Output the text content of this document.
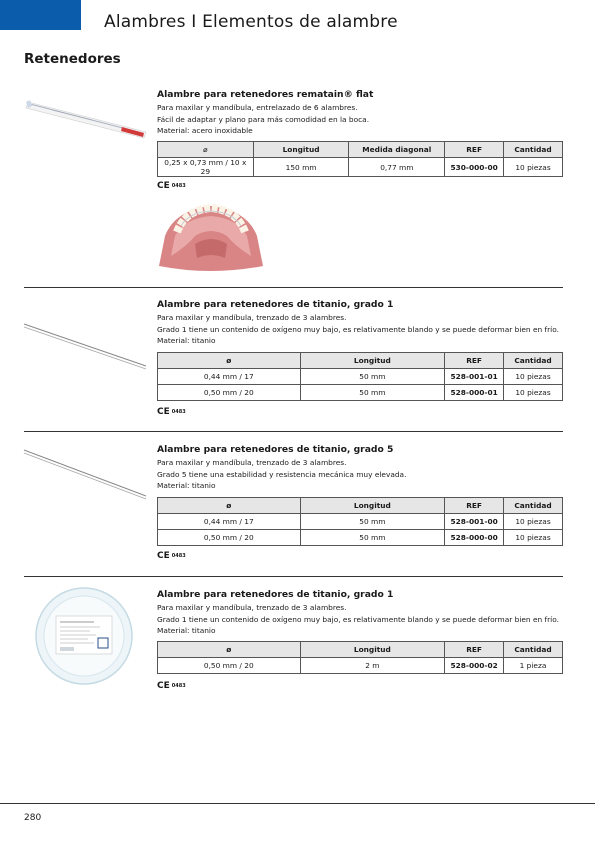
Alambres I Elementos de alambre
Retenedores
Alambre para retenedores rematain® flat
Para maxilar y mandíbula, entrelazado de 6 alambres.
Fácil de adaptar y plano para más comodidad en la boca.
Material: acero inoxidable
⌀	Longitud	Medida diagonal	REF	Cantidad
0,25 x 0,73 mm / 10 x 29	150 mm	0,77 mm	530-000-00	10 piezas
CE 0483
Alambre para retenedores de titanio, grado 1
Para maxilar y mandíbula, trenzado de 3 alambres.
Grado 1 tiene un contenido de oxígeno muy bajo, es relativamente blando y se puede deformar bien en frío.
Material: titanio
ø	Longitud	REF	Cantidad
0,44 mm / 17	50 mm	528-001-01	10 piezas
0,50 mm / 20	50 mm	528-000-01	10 piezas
CE 0483
Alambre para retenedores de titanio, grado 5
Para maxilar y mandíbula, trenzado de 3 alambres.
Grado 5 tiene una estabilidad y resistencia mecánica muy elevada.
Material: titanio
ø	Longitud	REF	Cantidad
0,44 mm / 17	50 mm	528-001-00	10 piezas
0,50 mm / 20	50 mm	528-000-00	10 piezas
CE 0483
Alambre para retenedores de titanio, grado 1
Para maxilar y mandíbula, trenzado de 3 alambres.
Grado 1 tiene un contenido de oxígeno muy bajo, es relativamente blando y se puede deformar bien en frío.
Material: titanio
ø	Longitud	REF	Cantidad
0,50 mm / 20	2 m	528-000-02	1 pieza
CE 0483
280
